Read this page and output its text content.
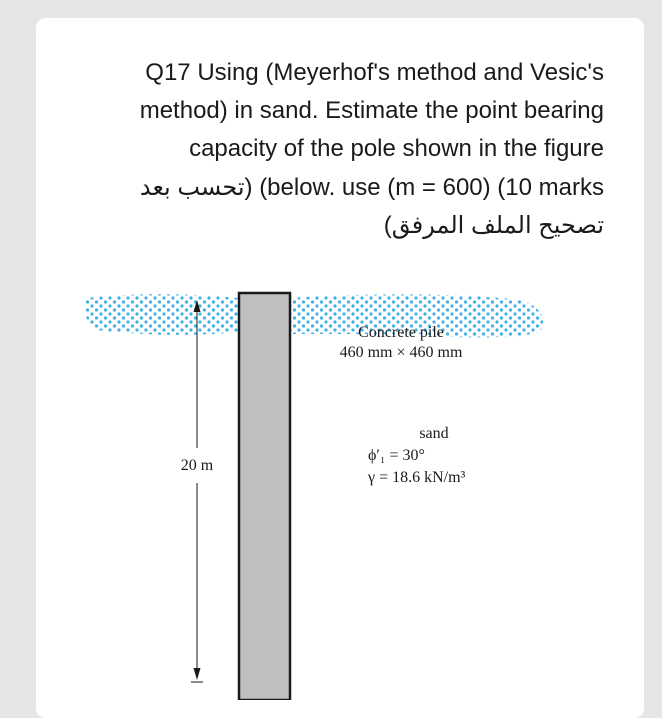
Q17 Using (Meyerhof's method and Vesic's
method) in sand. Estimate the point bearing
capacity of the pole shown in the figure
تحسب بعد) (below. use (m = 600) (10 marks
تصحيح الملف المرفق)
20 m
Concrete pile
460 mm × 460 mm
sand
ϕ′₁ = 30°
γ = 18.6 kN/m³
